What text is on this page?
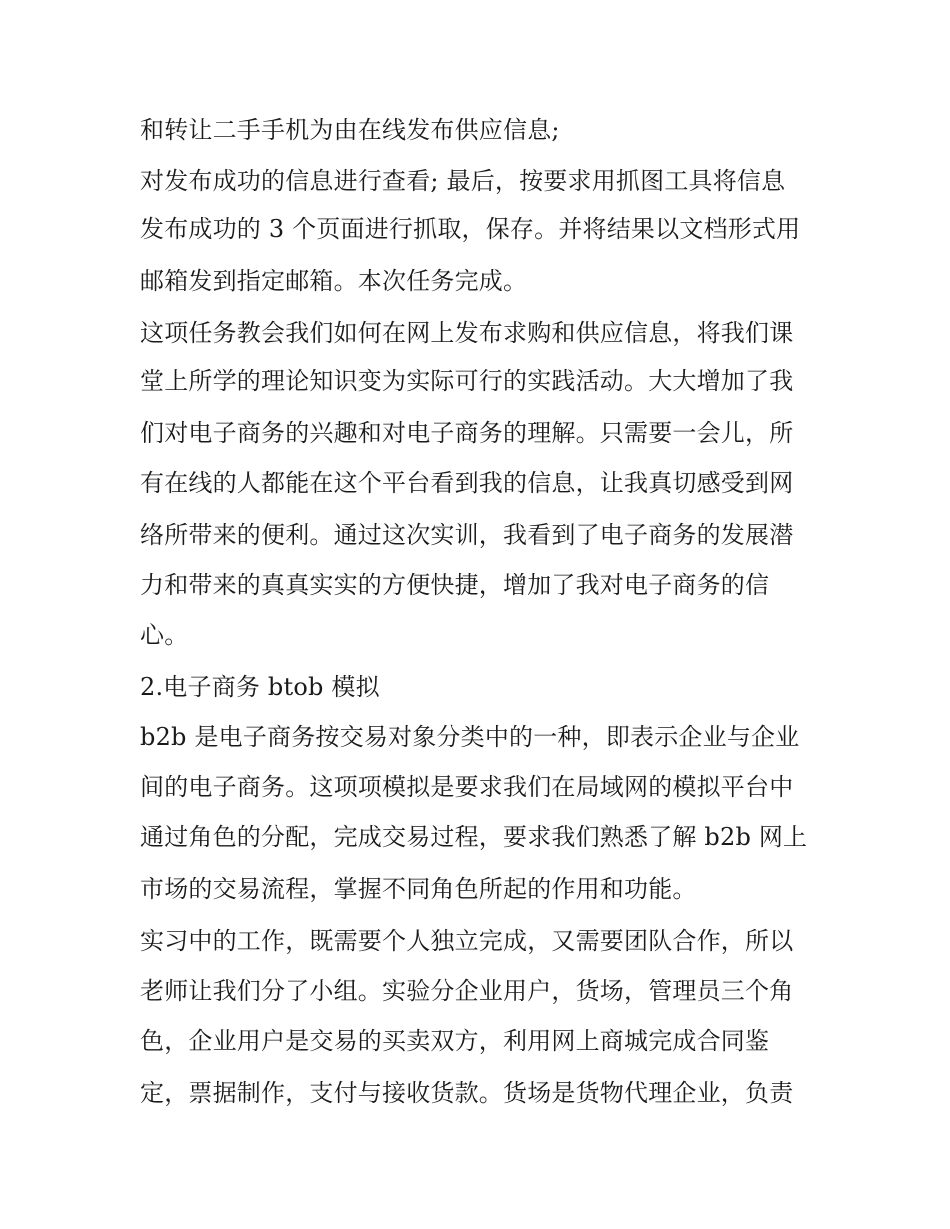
和转让二手手机为由在线发布供应信息;
对发布成功的信息进行查看; 最后，按要求用抓图工具将信息
发布成功的 3 个页面进行抓取，保存。并将结果以文档形式用
邮箱发到指定邮箱。本次任务完成。
这项任务教会我们如何在网上发布求购和供应信息，将我们课
堂上所学的理论知识变为实际可行的实践活动。大大增加了我
们对电子商务的兴趣和对电子商务的理解。只需要一会儿，所
有在线的人都能在这个平台看到我的信息，让我真切感受到网
络所带来的便利。通过这次实训，我看到了电子商务的发展潜
力和带来的真真实实的方便快捷，增加了我对电子商务的信
心。
2.电子商务 btob 模拟
b2b 是电子商务按交易对象分类中的一种，即表示企业与企业
间的电子商务。这项项模拟是要求我们在局域网的模拟平台中
通过角色的分配，完成交易过程，要求我们熟悉了解 b2b 网上
市场的交易流程，掌握不同角色所起的作用和功能。
实习中的工作，既需要个人独立完成，又需要团队合作，所以
老师让我们分了小组。实验分企业用户，货场，管理员三个角
色，企业用户是交易的买卖双方，利用网上商城完成合同鉴
定，票据制作，支付与接收货款。货场是货物代理企业，负责
